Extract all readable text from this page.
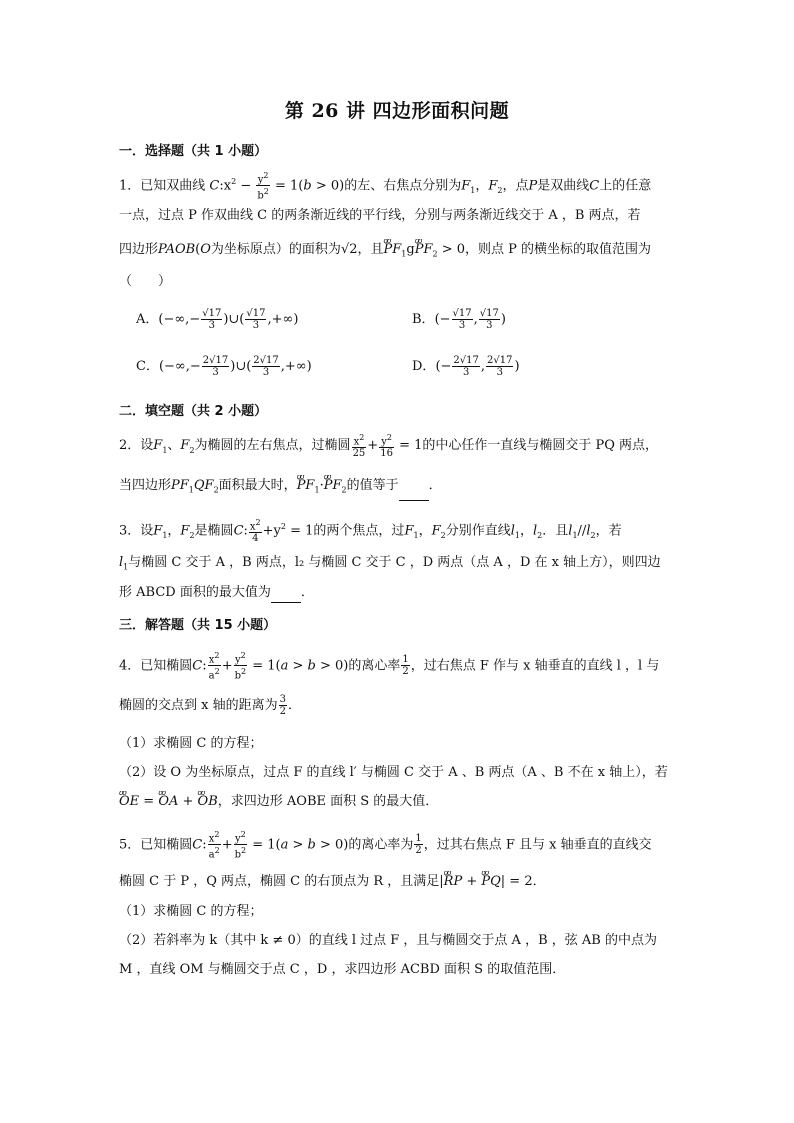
第 26 讲 四边形面积问题
一．选择题（共 1 小题）
1．已知双曲线 $C:x^2 - \frac{y^2}{b^2} = 1(b > 0)$的左、右焦点分别为$F_1$，$F_2$，点P是双曲线C上的任意
一点，过点 P 作双曲线 C 的两条渐近线的平行线，分别与两条渐近线交于 A ，B 两点，若
四边形PAOB(O为坐标原点）的面积为√2，且ʊʊ $PF_1gʊʊ$ $PF_2 > 0$，则点 P 的横坐标的取值范围为
（　　）
A．(−∞,− $\frac{√17}{3}$ )∪( $\frac{√17}{3}$ ,+∞)	B．(− $\frac{√17}{3}$ , $\frac{√17}{3}$ )
C．(−∞,− $\frac{2√17}{3}$ )∪( $\frac{2√17}{3}$ ,+∞)	D．(− $\frac{2√17}{3}$ , $\frac{2√17}{3}$ )
二．填空题（共 2 小题）
2．设$F_1$、$F_2$为椭圆的左右焦点，过椭圆 $\frac{x^2}{25} + \frac{y^2}{16} = 1$的中心任作一直线与椭圆交于 PQ 两点，
当四边形$PF_1QF_2$面积最大时，ʊʊ $PF_1\cdot ʊʊ$ $PF_2$的值等于 ．
3．设$F_1$，$F_2$是椭圆C: $\frac{x^2}{4} +y^2 = 1$的两个焦点，过$F_1$，$F_2$分别作直线$l_1$，$l_2$．且$l_1//l_2$，若
$l_1$与椭圆 C 交于 A ，B 两点，l₂ 与椭圆 C 交于 C ，D 两点（点 A ，D 在 x 轴上方），则四边
形 ABCD 面积的最大值为 ．
三．解答题（共 15 小题）
4．已知椭圆C: $\frac{x^2}{a^2} + \frac{y^2}{b^2} = 1(a > b > 0)$的离心率 $\frac{1}{2}$ ，过右焦点 F 作与 x 轴垂直的直线 l ，l 与
椭圆的交点到 x 轴的距离为 $\frac{3}{2}$ ．
（1）求椭圆 C 的方程；
（2）设 O 为坐标原点，过点 F 的直线 l′ 与椭圆 C 交于 A 、B 两点（A 、B 不在 x 轴上），若
ʊʊ OE = ʊʊ OA + ʊʊ OB，求四边形 AOBE 面积 S 的最大值．
5．已知椭圆C: $\frac{x^2}{a^2} + \frac{y^2}{b^2} = 1(a > b > 0)$的离心率为 $\frac{1}{2}$ ，过其右焦点 F 且与 x 轴垂直的直线交
椭圆 C 于 P ，Q 两点，椭圆 C 的右顶点为 R ，且满足|ʊʊ RP + ʊʊ PQ| = 2．
（1）求椭圆 C 的方程；
（2）若斜率为 k（其中 k ≠ 0）的直线 l 过点 F ，且与椭圆交于点 A ，B ，弦 AB 的中点为
M ，直线 OM 与椭圆交于点 C ，D ，求四边形 ACBD 面积 S 的取值范围．
